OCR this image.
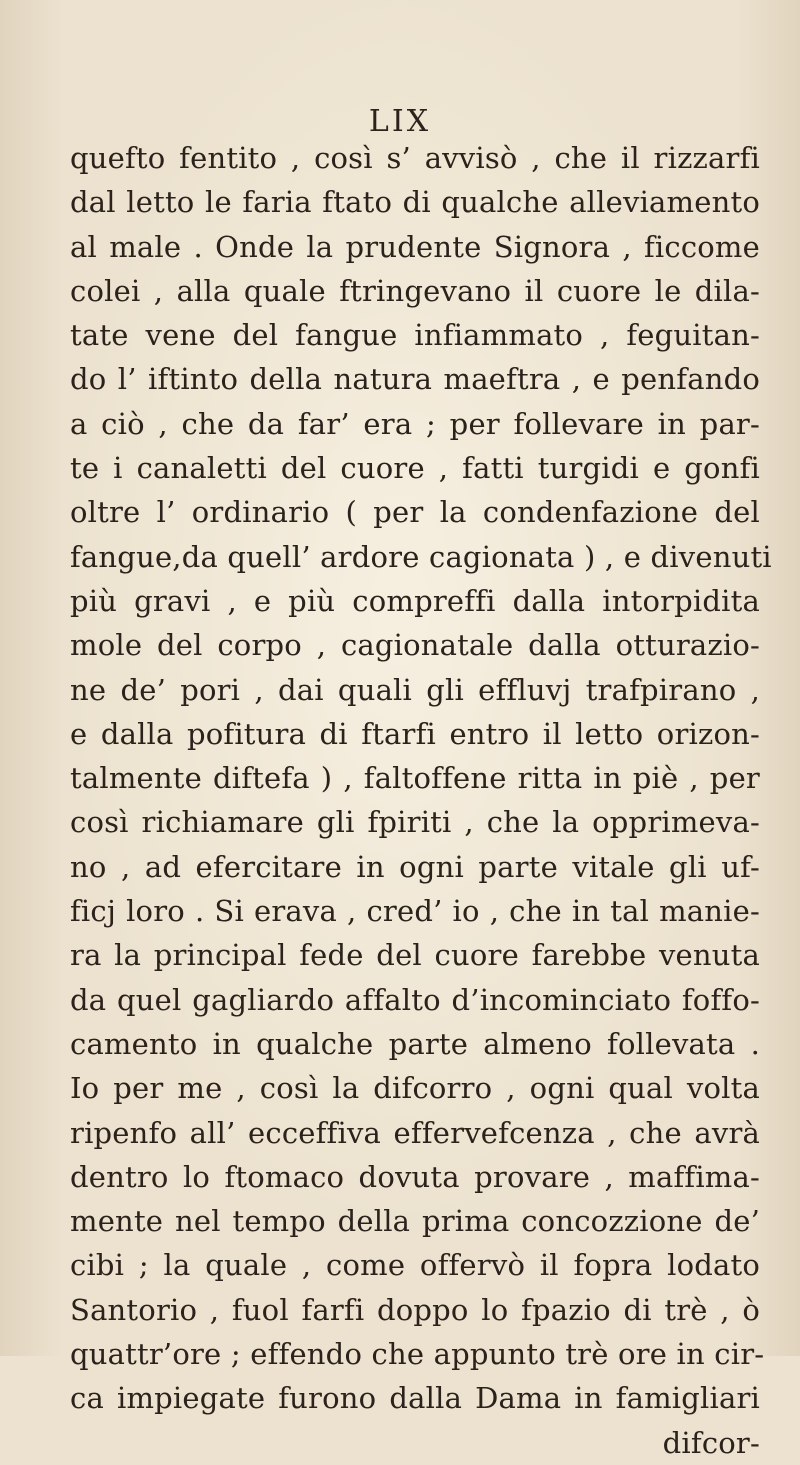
LIX
quefto fentito , così s’ avvisò , che il rizzarfi
dal letto le faria ftato di qualche alleviamento
al male . Onde la prudente Signora , ficcome
colei , alla quale ftringevano il cuore le dila-
tate vene del fangue infiammato , feguitan-
do l’ iftinto della natura maeftra , e penfando
a ciò , che da far’ era ; per follevare in par-
te i canaletti del cuore , fatti turgidi e gonfi
oltre l’ ordinario ( per la condenfazione del
fangue,da quell’ ardore cagionata ) , e divenuti
più gravi , e più compreffi dalla intorpidita
mole del corpo , cagionatale dalla otturazio-
ne de’ pori , dai quali gli effluvj trafpirano ,
e dalla pofitura di ftarfi entro il letto orizon-
talmente diftefa ) , faltoffene ritta in piè , per
così richiamare gli fpiriti , che la opprimeva-
no , ad efercitare in ogni parte vitale gli uf-
ficj loro . Si erava , cred’ io , che in tal manie-
ra la principal fede del cuore farebbe venuta
da quel gagliardo affalto d’incominciato foffo-
camento in qualche parte almeno follevata .
Io per me , così la difcorro , ogni qual volta
ripenfo all’ ecceffiva effervefcenza , che avrà
dentro lo ftomaco dovuta provare , maffima-
mente nel tempo della prima concozzione de’
cibi ; la quale , come offervò il fopra lodato
Santorio , fuol farfi doppo lo fpazio di trè , ò
quattr’ore ; effendo che appunto trè ore in cir-
ca impiegate furono dalla Dama in famigliari
difcor-
